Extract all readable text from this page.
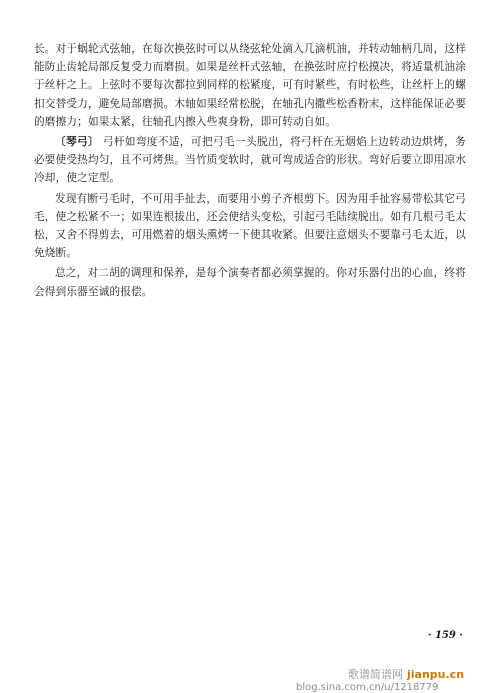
长。对于蜗轮式弦轴，在每次换弦时可以从绕弦轮处滴入几滴机油，并转动轴柄几周，这样能防止齿轮局部反复受力而磨损。如果是丝杆式弦轴，在换弦时应拧松摸决，将适量机油涂于丝杆之上。上弦时不要每次都拉到同样的松紧度，可有时紧些，有时松些，让丝杆上的螺扣交替受力，避免局部磨损。木轴如果经常松脱，在轴孔内撒些松香粉末，这样能保证必要的磨擦力；如果太紧，往轴孔内擦入些爽身粉，即可转动自如。

〔琴弓〕 弓杆如弯度不适，可把弓毛一头脱出，将弓杆在无烟焰上边转动边烘烤，务必要使受热均匀，且不可烤焦。当竹质变软时，就可弯成适合的形状。弯好后要立即用凉水冷却，使之定型。

发现有断弓毛时，不可用手扯去，而要用小剪子齐根剪下。因为用手扯容易带松其它弓毛，使之松紧不一；如果连根拔出，还会使结头变松，引起弓毛陆续脱出。如有几根弓毛太松，又舍不得剪去，可用燃着的烟头熏烤一下使其收紧。但要注意烟头不要靠弓毛太近，以免烧断。

总之，对二胡的调理和保养，是每个演奏者都必须掌握的。你对乐器付出的心血，终将会得到乐器至诚的报偿。

· 159 ·
歌谱简谱网 jianpu.cn
blog.sina.com.cn/u/1218779
